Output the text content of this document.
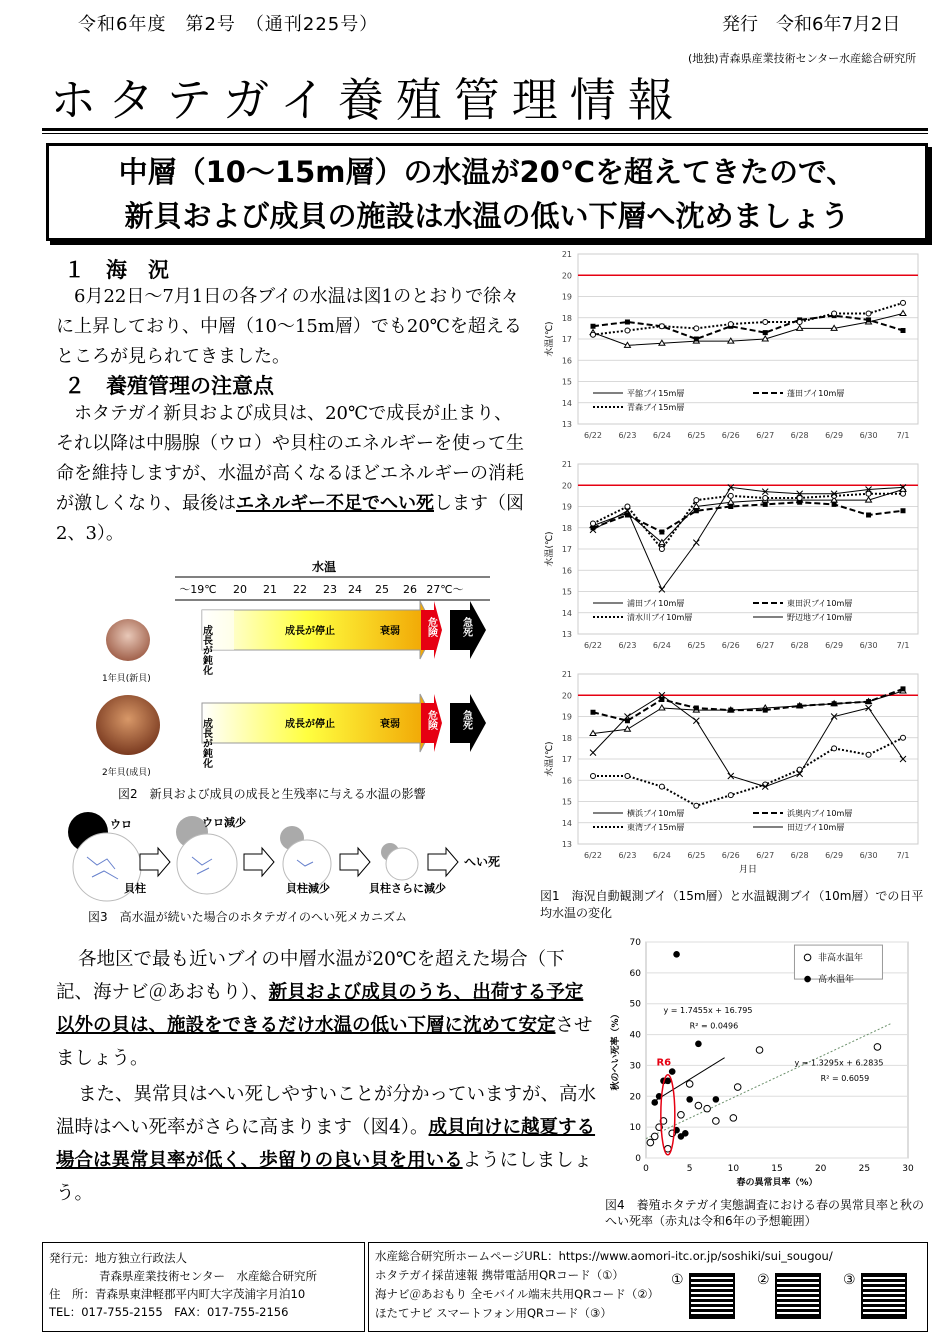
令和6年度　第2号　（通刊225号）	発行　令和6年7月2日
(地独)青森県産業技術センター水産総合研究所
ホタテガイ養殖管理情報
中層（10～15m層）の水温が20℃を超えてきたので、
新貝および成貝の施設は水温の低い下層へ沈めましょう
１　海　況
6月22日～7月1日の各ブイの水温は図1のとおりで徐々に上昇しており、中層（10～15m層）でも20℃を超えるところが見られてきました。
２　養殖管理の注意点
ホタテガイ新貝および成貝は、20℃で成長が止まり、それ以降は中腸腺（ウロ）や貝柱のエネルギーを使って生命を維持しますが、水温が高くなるほどエネルギーの消耗が激しくなり、最後はエネルギー不足でへい死します（図2、3）。
水温
～19℃ 20 21 22 23 24 25 26 27℃～
1年貝(新貝)
成長が鈍化	成長が停止	衰弱	危険 急死
2年貝(成貝)
成長が鈍化	成長が停止	衰弱	危険 急死
図2　新貝および成貝の成長と生残率に与える水温の影響
ウロ
貝柱
ウロ減少
貝柱減少	貝柱さらに減少
へい死
図3　高水温が続いた場合のホタテガイのへい死メカニズム
13
14
15
16
17
18
19
20
21
6/22 6/23 6/24 6/25 6/26 6/27 6/28 6/29 6/30 7/1
水温(℃)
平舘ブイ15m層	蓬田ブイ10m層
青森ブイ15m層
13
14
15
16
17
18
19
20
21
6/22 6/23 6/24 6/25 6/26 6/27 6/28 6/29 6/30 7/1
水温(℃)
浦田ブイ10m層	東田沢ブイ10m層
清水川ブイ10m層	野辺地ブイ10m層
13
14
15
16
17
18
19
20
21
6/22 6/23 6/24 6/25 6/26 6/27 6/28 6/29 6/30 7/1
水温(℃)
横浜ブイ10m層	浜奥内ブイ10m層
東湾ブイ15m層	田辺ブイ10m層
月日
図1　海況自動観測ブイ（15m層）と水温観測ブイ（10m層）での日平均水温の変化
各地区で最も近いブイの中層水温が20℃を超えた場合（下記、海ナビ＠あおもり）、新貝および成貝のうち、出荷する予定以外の貝は、施設をできるだけ水温の低い下層に沈めて安定させましょう。
また、異常貝はへい死しやすいことが分かっていますが、高水温時はへい死率がさらに高まります（図4）。成貝向けに越夏する場合は異常貝率が低く、歩留りの良い貝を用いるようにしましょう。
0
10
20
30
40
50
60
70
0	5	10	15	20	25	30
春の異常貝率（%）
秋のへい死率（%）	R6
y = 1.7455x + 16.795
R² = 0.0496
y = 1.3295x + 6.2835
R² = 0.6059
非高水温年
高水温年
図4　養殖ホタテガイ実態調査における春の異常貝率と秋のへい死率（赤丸は令和6年の予想範囲）
発行元：地方独立行政法人
青森県産業技術センター　水産総合研究所
住　所：青森県東津軽郡平内町大字茂浦字月泊10
TEL：017-755-2155　FAX：017-755-2156
水産総合研究所ホームページURL：https://www.aomori-itc.or.jp/soshiki/sui_sougou/
ホタテガイ採苗速報 携帯電話用QRコード（①）
海ナビ＠あおもり 全モバイル端末共用QRコード（②）
ほたてナビ スマートフォン用QRコード（③）
①	②	③
